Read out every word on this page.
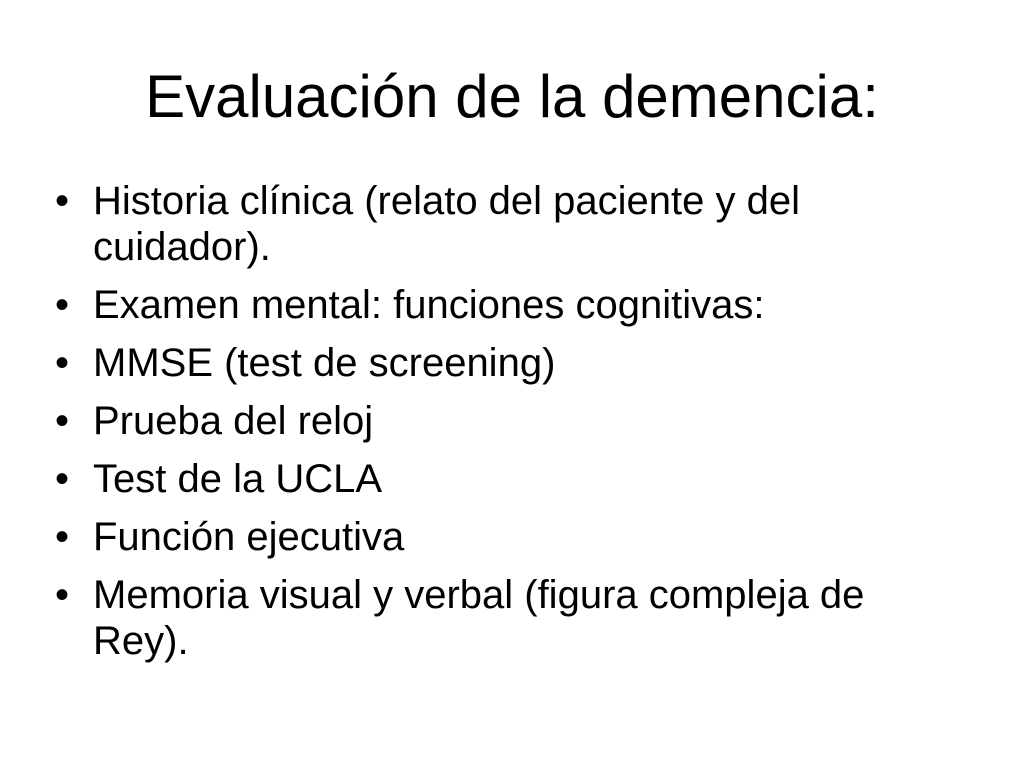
Evaluación de la demencia:
• Historia clínica (relato del paciente y del cuidador).
• Examen mental: funciones cognitivas:
• MMSE (test de screening)
• Prueba del reloj
• Test de la UCLA
• Función ejecutiva
• Memoria visual y verbal (figura compleja de Rey).
